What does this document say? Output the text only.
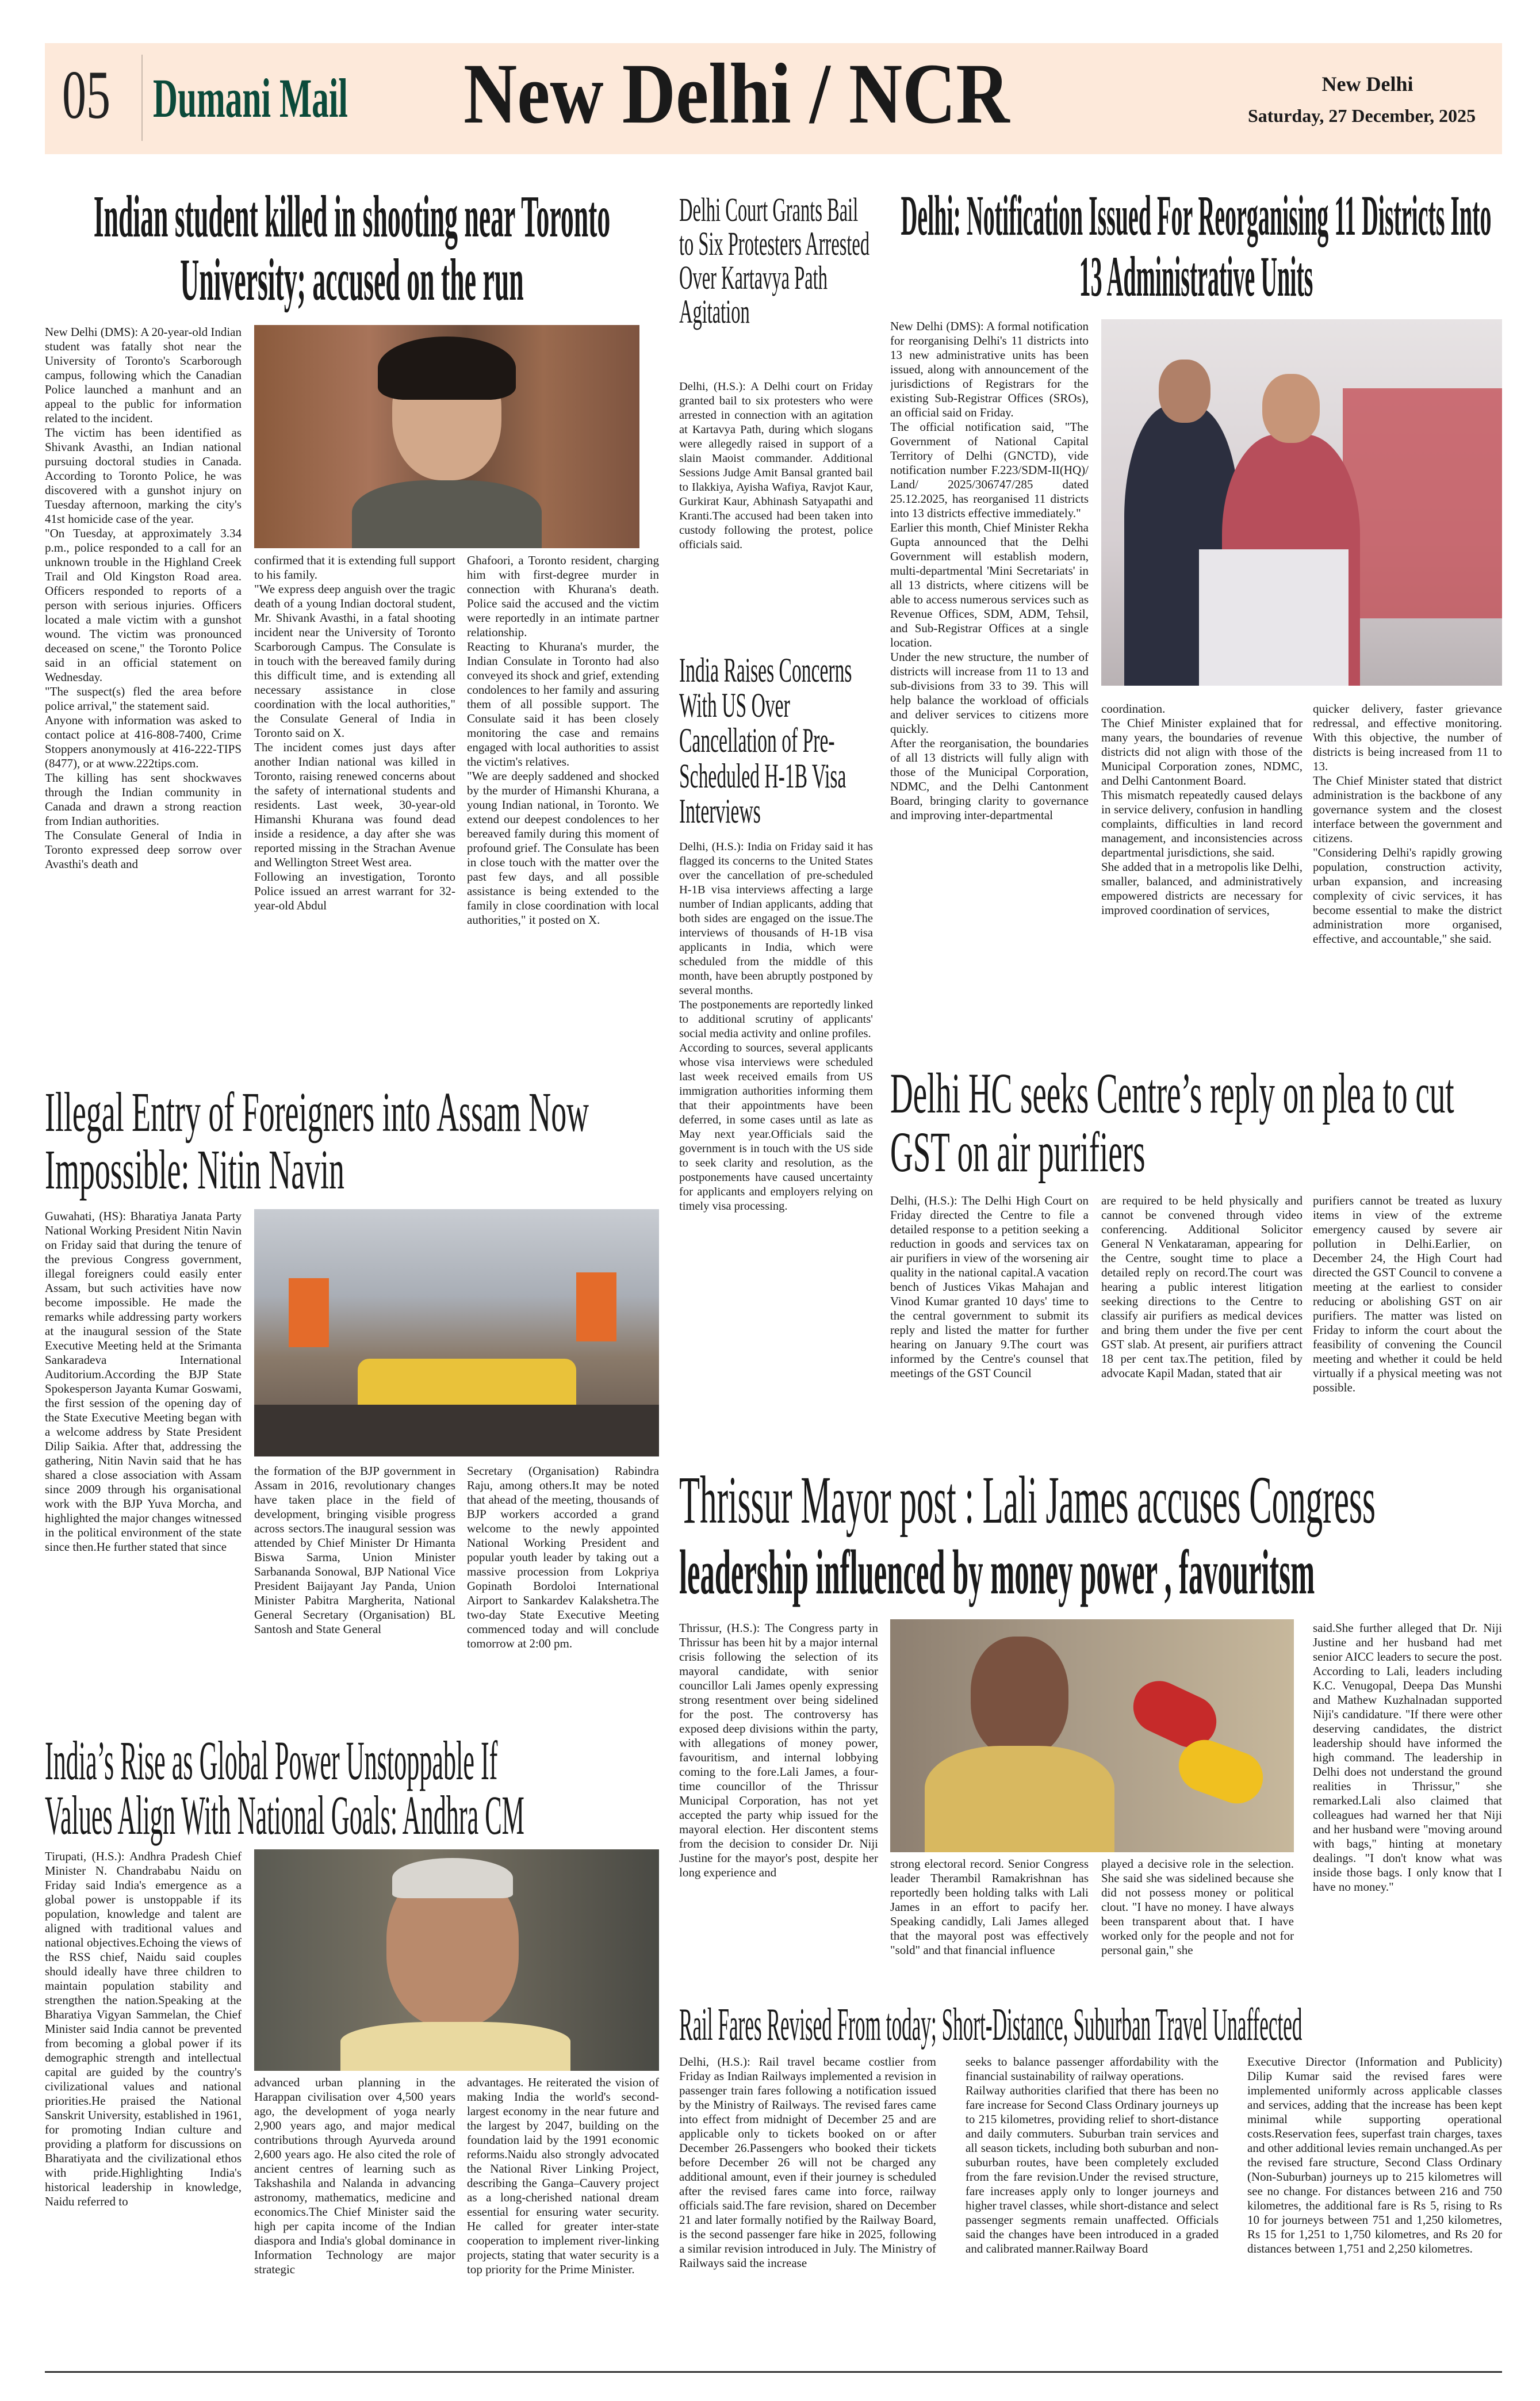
05 Dumani Mail New Delhi / NCR	New Delhi
Saturday, 27 December, 2025
Indian student killed in shooting near Toronto University; accused on the run
New Delhi (DMS): A 20-year-old Indian student was fatally shot near the University of Toronto's Scarborough campus, following which the Canadian Police launched a manhunt and an appeal to the public for information related to the incident.
The victim has been identified as Shivank Avasthi, an Indian national pursuing doctoral studies in Canada. According to Toronto Police, he was discovered with a gunshot injury on Tuesday afternoon, marking the city's 41st homicide case of the year.
"On Tuesday, at approximately 3.34 p.m., police responded to a call for an unknown trouble in the Highland Creek Trail and Old Kingston Road area. Officers responded to reports of a person with serious injuries. Officers located a male victim with a gunshot wound. The victim was pronounced deceased on scene," the Toronto Police said in an official statement on Wednesday.
"The suspect(s) fled the area before police arrival," the statement said.
Anyone with information was asked to contact police at 416-808-7400, Crime Stoppers anonymously at 416-222-TIPS (8477), or at www.222tips.com.
The killing has sent shockwaves through the Indian community in Canada and drawn a strong reaction from Indian authorities.
The Consulate General of India in Toronto expressed deep sorrow over Avasthi's death and
confirmed that it is extending full support to his family.
"We express deep anguish over the tragic death of a young Indian doctoral student, Mr. Shivank Avasthi, in a fatal shooting incident near the University of Toronto Scarborough Campus. The Consulate is in touch with the bereaved family during this difficult time, and is extending all necessary assistance in close coordination with the local authorities," the Consulate General of India in Toronto said on X.
The incident comes just days after another Indian national was killed in Toronto, raising renewed concerns about the safety of international students and residents. Last week, 30-year-old Himanshi Khurana was found dead inside a residence, a day after she was reported missing in the Strachan Avenue and Wellington Street West area.
Following an investigation, Toronto Police issued an arrest warrant for 32-year-old Abdul
Ghafoori, a Toronto resident, charging him with first-degree murder in connection with Khurana's death. Police said the accused and the victim were reportedly in an intimate partner relationship.
Reacting to Khurana's murder, the Indian Consulate in Toronto had also conveyed its shock and grief, extending condolences to her family and assuring them of all possible support. The Consulate said it has been closely monitoring the case and remains engaged with local authorities to assist the victim's relatives.
"We are deeply saddened and shocked by the murder of Himanshi Khurana, a young Indian national, in Toronto. We extend our deepest condolences to her bereaved family during this moment of profound grief. The Consulate has been in close touch with the matter over the past few days, and all possible assistance is being extended to the family in close coordination with local authorities," it posted on X.
Delhi Court Grants Bail to Six Protesters Arrested Over Kartavya Path Agitation
Delhi, (H.S.): A Delhi court on Friday granted bail to six protesters who were arrested in connection with an agitation at Kartavya Path, during which slogans were allegedly raised in support of a slain Maoist commander. Additional Sessions Judge Amit Bansal granted bail to Ilakkiya, Ayisha Wafiya, Ravjot Kaur, Gurkirat Kaur, Abhinash Satyapathi and Kranti.The accused had been taken into custody following the protest, police officials said.
India Raises Concerns With US Over Cancellation of Pre-Scheduled H-1B Visa Interviews
Delhi, (H.S.): India on Friday said it has flagged its concerns to the United States over the cancellation of pre-scheduled H-1B visa interviews affecting a large number of Indian applicants, adding that both sides are engaged on the issue.The interviews of thousands of H-1B visa applicants in India, which were scheduled from the middle of this month, have been abruptly postponed by several months.
The postponements are reportedly linked to additional scrutiny of applicants' social media activity and online profiles.
According to sources, several applicants whose visa interviews were scheduled last week received emails from US immigration authorities informing them that their appointments have been deferred, in some cases until as late as May next year.Officials said the government is in touch with the US side to seek clarity and resolution, as the postponements have caused uncertainty for applicants and employers relying on timely visa processing.
Delhi: Notification Issued For Reorganising 11 Districts Into 13 Administrative Units
New Delhi (DMS): A formal notification for reorganising Delhi's 11 districts into 13 new administrative units has been issued, along with announcement of the jurisdictions of Registrars for the existing Sub-Registrar Offices (SROs), an official said on Friday.
The official notification said, "The Government of National Capital Territory of Delhi (GNCTD), vide notification number F.223/SDM-II(HQ)/ Land/ 2025/306747/285 dated 25.12.2025, has reorganised 11 districts into 13 districts effective immediately."
Earlier this month, Chief Minister Rekha Gupta announced that the Delhi Government will establish modern, multi-departmental 'Mini Secretariats' in all 13 districts, where citizens will be able to access numerous services such as Revenue Offices, SDM, ADM, Tehsil, and Sub-Registrar Offices at a single location.
Under the new structure, the number of districts will increase from 11 to 13 and sub-divisions from 33 to 39. This will help balance the workload of officials and deliver services to citizens more quickly.
After the reorganisation, the boundaries of all 13 districts will fully align with those of the Municipal Corporation, NDMC, and the Delhi Cantonment Board, bringing clarity to governance and improving inter-departmental
coordination.
The Chief Minister explained that for many years, the boundaries of revenue districts did not align with those of the Municipal Corporation zones, NDMC, and Delhi Cantonment Board.
This mismatch repeatedly caused delays in service delivery, confusion in handling complaints, difficulties in land record management, and inconsistencies across departmental jurisdictions, she said.
She added that in a metropolis like Delhi, smaller, balanced, and administratively empowered districts are necessary for improved coordination of services,
quicker delivery, faster grievance redressal, and effective monitoring. With this objective, the number of districts is being increased from 11 to 13.
The Chief Minister stated that district administration is the backbone of any governance system and the closest interface between the government and citizens.
"Considering Delhi's rapidly growing population, construction activity, urban expansion, and increasing complexity of civic services, it has become essential to make the district administration more organised, effective, and accountable," she said.
Illegal Entry of Foreigners into Assam Now Impossible: Nitin Navin
Guwahati, (HS): Bharatiya Janata Party National Working President Nitin Navin on Friday said that during the tenure of the previous Congress government, illegal foreigners could easily enter Assam, but such activities have now become impossible. He made the remarks while addressing party workers at the inaugural session of the State Executive Meeting held at the Srimanta Sankaradeva International Auditorium.According the BJP State Spokesperson Jayanta Kumar Goswami, the first session of the opening day of the State Executive Meeting began with a welcome address by State President Dilip Saikia. After that, addressing the gathering, Nitin Navin said that he has shared a close association with Assam since 2009 through his organisational work with the BJP Yuva Morcha, and highlighted the major changes witnessed in the political environment of the state since then.He further stated that since
the formation of the BJP government in Assam in 2016, revolutionary changes have taken place in the field of development, bringing visible progress across sectors.The inaugural session was attended by Chief Minister Dr Himanta Biswa Sarma, Union Minister Sarbananda Sonowal, BJP National Vice President Baijayant Jay Panda, Union Minister Pabitra Margherita, National General Secretary (Organisation) BL Santosh and State General
Secretary (Organisation) Rabindra Raju, among others.It may be noted that ahead of the meeting, thousands of BJP workers accorded a grand welcome to the newly appointed National Working President and popular youth leader by taking out a massive procession from Lokpriya Gopinath Bordoloi International Airport to Sankardev Kalakshetra.The two-day State Executive Meeting commenced today and will conclude tomorrow at 2:00 pm.
Delhi HC seeks Centre’s reply on plea to cut GST on air purifiers
Delhi, (H.S.): The Delhi High Court on Friday directed the Centre to file a detailed response to a petition seeking a reduction in goods and services tax on air purifiers in view of the worsening air quality in the national capital.A vacation bench of Justices Vikas Mahajan and Vinod Kumar granted 10 days' time to the central government to submit its reply and listed the matter for further hearing on January 9.The court was informed by the Centre's counsel that meetings of the GST Council
are required to be held physically and cannot be convened through video conferencing. Additional Solicitor General N Venkataraman, appearing for the Centre, sought time to place a detailed reply on record.The court was hearing a public interest litigation seeking directions to the Centre to classify air purifiers as medical devices and bring them under the five per cent GST slab. At present, air purifiers attract 18 per cent tax.The petition, filed by advocate Kapil Madan, stated that air
purifiers cannot be treated as luxury items in view of the extreme emergency caused by severe air pollution in Delhi.Earlier, on December 24, the High Court had directed the GST Council to convene a meeting at the earliest to consider reducing or abolishing GST on air purifiers. The matter was listed on Friday to inform the court about the feasibility of convening the Council meeting and whether it could be held virtually if a physical meeting was not possible.
Thrissur Mayor post : Lali James accuses Congress
leadership influenced by money power , favouritsm
Thrissur, (H.S.): The Congress party in Thrissur has been hit by a major internal crisis following the selection of its mayoral candidate, with senior councillor Lali James openly expressing strong resentment over being sidelined for the post. The controversy has exposed deep divisions within the party, with allegations of money power, favouritism, and internal lobbying coming to the fore.Lali James, a four-time councillor of the Thrissur Municipal Corporation, has not yet accepted the party whip issued for the mayoral election. Her discontent stems from the decision to consider Dr. Niji Justine for the mayor's post, despite her long experience and
strong electoral record. Senior Congress leader Therambil Ramakrishnan has reportedly been holding talks with Lali James in an effort to pacify her. Speaking candidly, Lali James alleged that the mayoral post was effectively "sold" and that financial influence
played a decisive role in the selection. She said she was sidelined because she did not possess money or political clout. "I have no money. I have always been transparent about that. I have worked only for the people and not for personal gain," she
said.She further alleged that Dr. Niji Justine and her husband had met senior AICC leaders to secure the post. According to Lali, leaders including K.C. Venugopal, Deepa Das Munshi and Mathew Kuzhalnadan supported Niji's candidature. "If there were other deserving candidates, the district leadership should have informed the high command. The leadership in Delhi does not understand the ground realities in Thrissur," she remarked.Lali also claimed that colleagues had warned her that Niji and her husband were "moving around with bags," hinting at monetary dealings. "I don't know what was inside those bags. I only know that I have no money."
India’s Rise as Global Power Unstoppable If
Values Align With National Goals: Andhra CM
Tirupati, (H.S.): Andhra Pradesh Chief Minister N. Chandrababu Naidu on Friday said India's emergence as a global power is unstoppable if its population, knowledge and talent are aligned with traditional values and national objectives.Echoing the views of the RSS chief, Naidu said couples should ideally have three children to maintain population stability and strengthen the nation.Speaking at the Bharatiya Vigyan Sammelan, the Chief Minister said India cannot be prevented from becoming a global power if its demographic strength and intellectual capital are guided by the country's civilizational values and national priorities.He praised the National Sanskrit University, established in 1961, for promoting Indian culture and providing a platform for discussions on Bharatiyata and the civilizational ethos with pride.Highlighting India's historical leadership in knowledge, Naidu referred to
advanced urban planning in the Harappan civilisation over 4,500 years ago, the development of yoga nearly 2,900 years ago, and major medical contributions through Ayurveda around 2,600 years ago. He also cited the role of ancient centres of learning such as Takshashila and Nalanda in advancing astronomy, mathematics, medicine and economics.The Chief Minister said the high per capita income of the Indian diaspora and India's global dominance in Information Technology are major strategic
advantages. He reiterated the vision of making India the world's second-largest economy in the near future and the largest by 2047, building on the foundation laid by the 1991 economic reforms.Naidu also strongly advocated the National River Linking Project, describing the Ganga–Cauvery project as a long-cherished national dream essential for ensuring water security. He called for greater inter-state cooperation to implement river-linking projects, stating that water security is a top priority for the Prime Minister.
Rail Fares Revised From today; Short-Distance, Suburban Travel Unaffected
Delhi, (H.S.): Rail travel became costlier from Friday as Indian Railways implemented a revision in passenger train fares following a notification issued by the Ministry of Railways. The revised fares came into effect from midnight of December 25 and are applicable only to tickets booked on or after December 26.Passengers who booked their tickets before December 26 will not be charged any additional amount, even if their journey is scheduled after the revised fares came into force, railway officials said.The fare revision, shared on December 21 and later formally notified by the Railway Board, is the second passenger fare hike in 2025, following a similar revision introduced in July. The Ministry of Railways said the increase
seeks to balance passenger affordability with the financial sustainability of railway operations.
Railway authorities clarified that there has been no fare increase for Second Class Ordinary journeys up to 215 kilometres, providing relief to short-distance and daily commuters. Suburban train services and all season tickets, including both suburban and non-suburban routes, have been completely excluded from the fare revision.Under the revised structure, fare increases apply only to longer journeys and higher travel classes, while short-distance and select passenger segments remain unaffected. Officials said the changes have been introduced in a graded and calibrated manner.Railway Board
Executive Director (Information and Publicity) Dilip Kumar said the revised fares were implemented uniformly across applicable classes and services, adding that the increase has been kept minimal while supporting operational costs.Reservation fees, superfast train charges, taxes and other additional levies remain unchanged.As per the revised fare structure, Second Class Ordinary (Non-Suburban) journeys up to 215 kilometres will see no change. For distances between 216 and 750 kilometres, the additional fare is Rs 5, rising to Rs 10 for journeys between 751 and 1,250 kilometres, Rs 15 for 1,251 to 1,750 kilometres, and Rs 20 for distances between 1,751 and 2,250 kilometres.
